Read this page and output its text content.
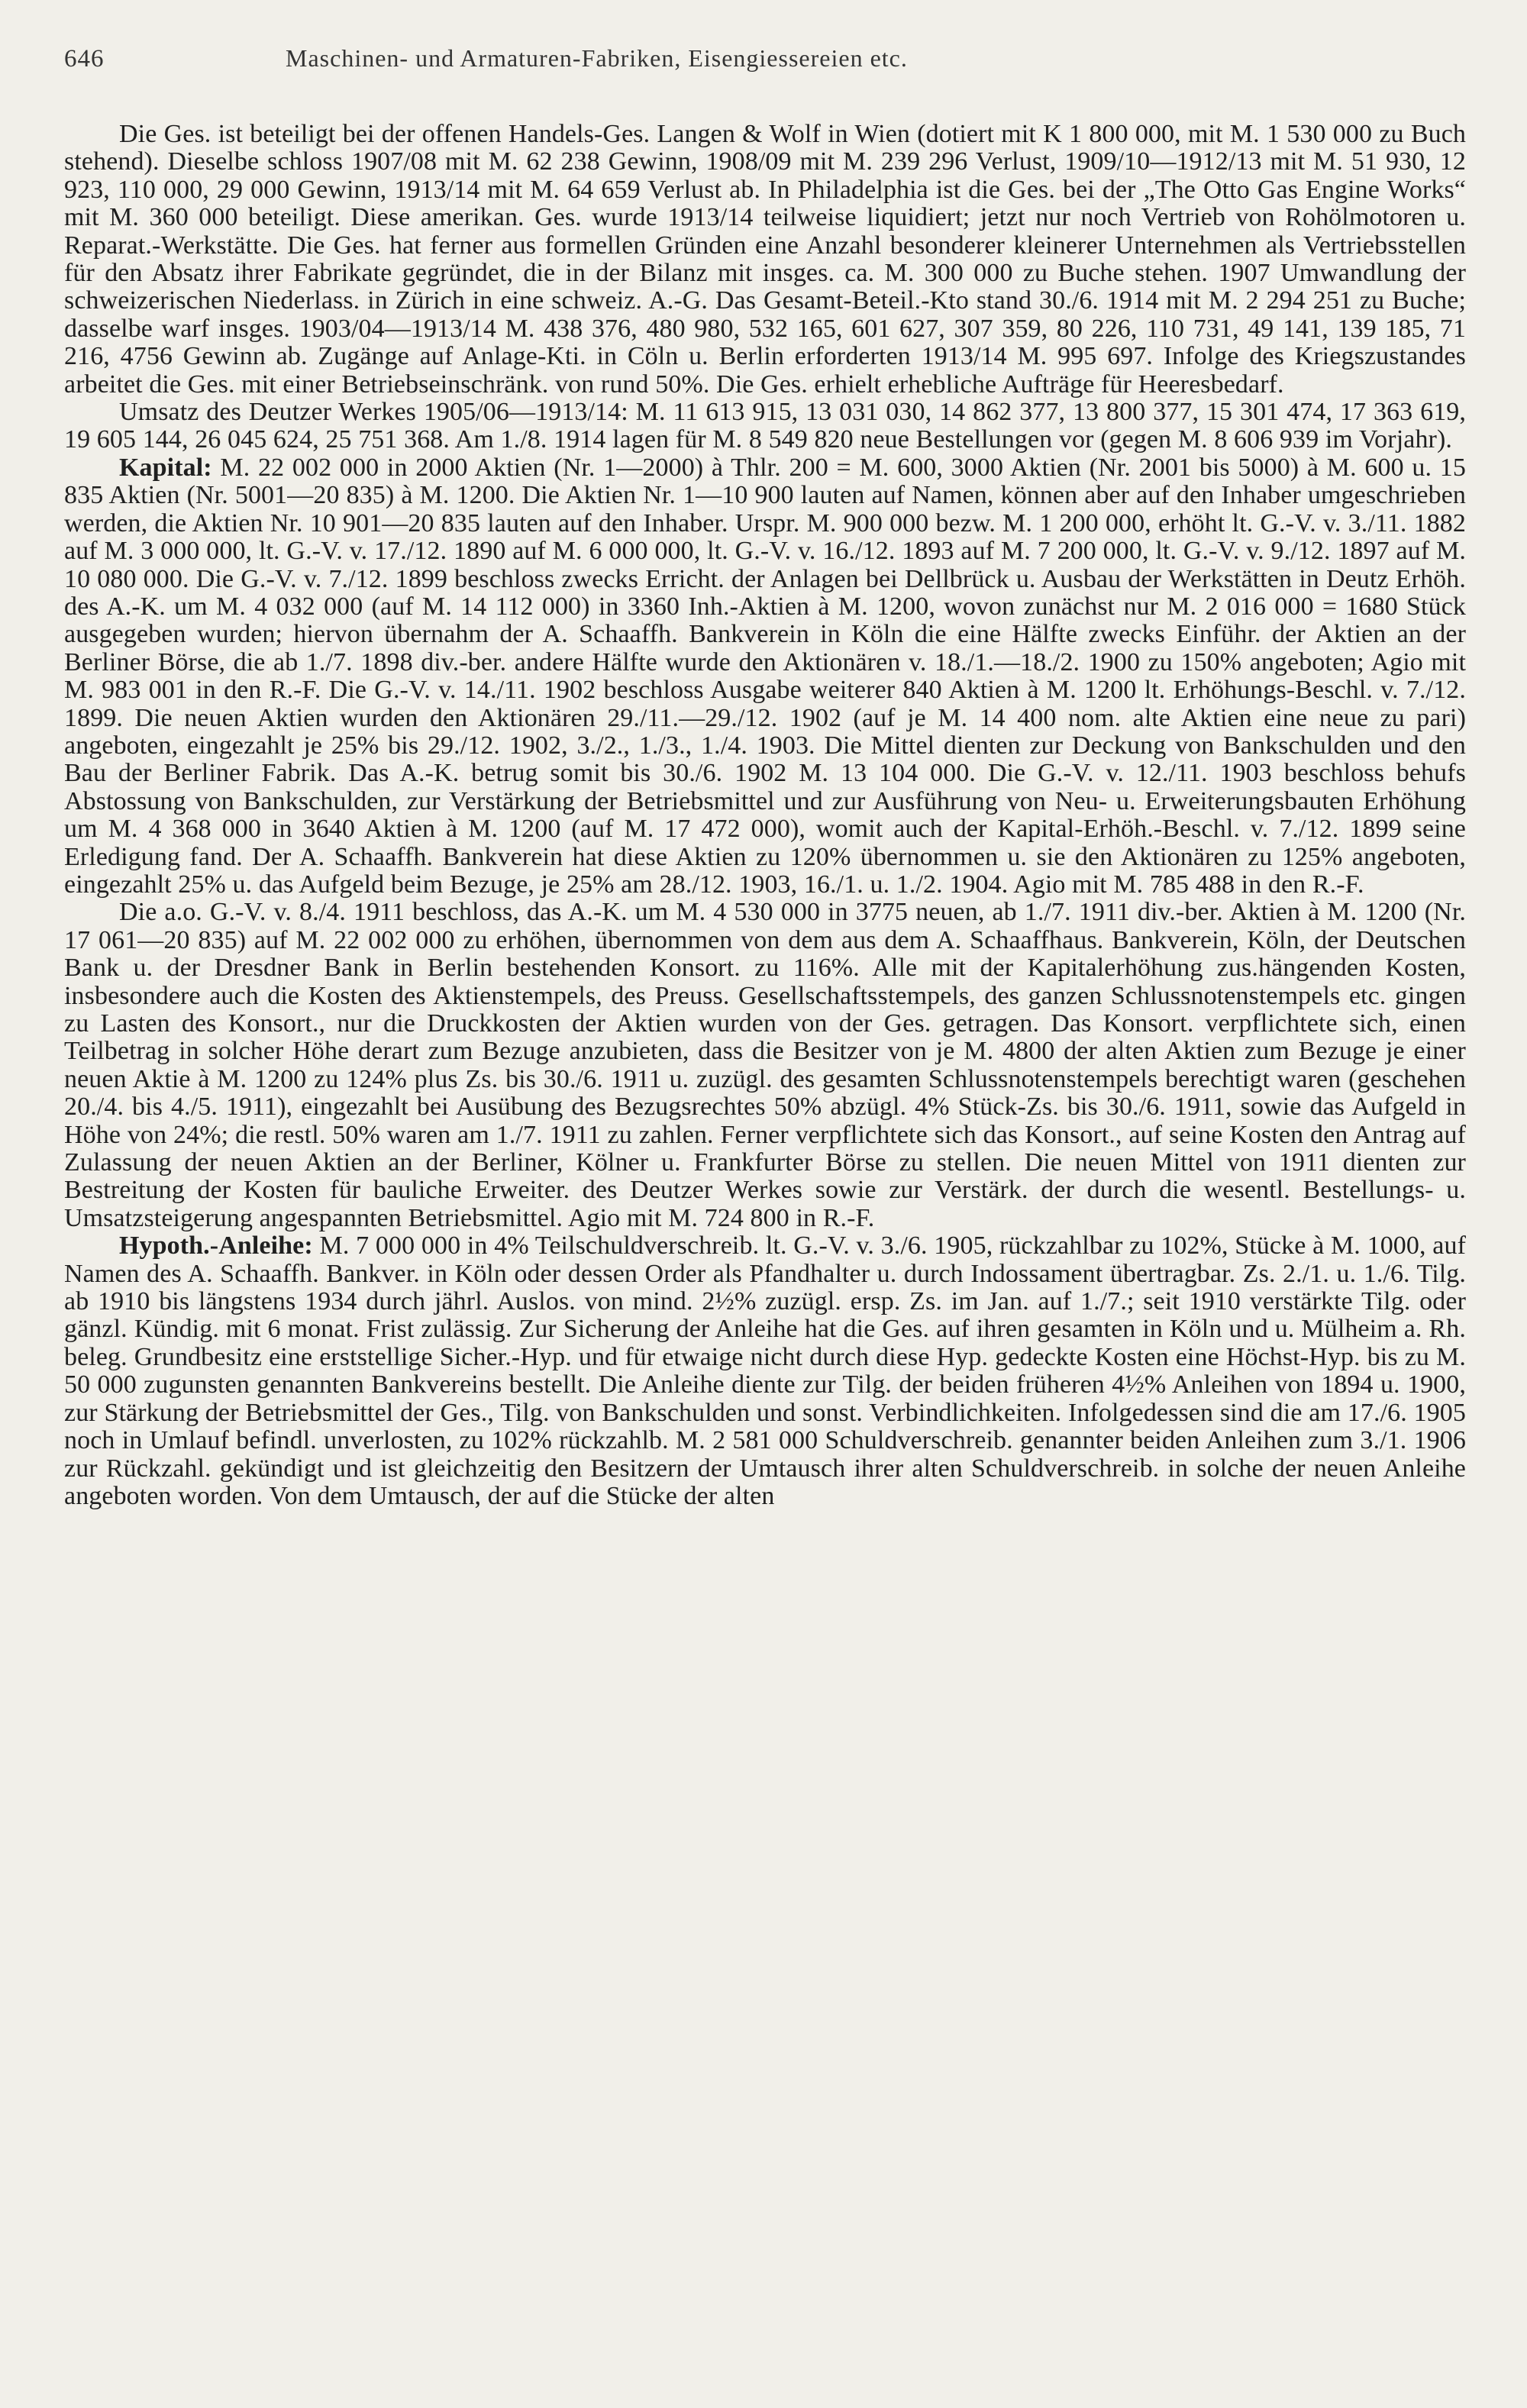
646	Maschinen- und Armaturen-Fabriken, Eisengiessereien etc.

Die Ges. ist beteiligt bei der offenen Handels-Ges. Langen & Wolf in Wien (dotiert mit K 1 800 000, mit M. 1 530 000 zu Buch stehend). Dieselbe schloss 1907/08 mit M. 62 238 Gewinn, 1908/09 mit M. 239 296 Verlust, 1909/10—1912/13 mit M. 51 930, 12 923, 110 000, 29 000 Gewinn, 1913/14 mit M. 64 659 Verlust ab. In Philadelphia ist die Ges. bei der „The Otto Gas Engine Works“ mit M. 360 000 beteiligt. Diese amerikan. Ges. wurde 1913/14 teilweise liquidiert; jetzt nur noch Vertrieb von Rohölmotoren u. Reparat.-Werkstätte. Die Ges. hat ferner aus formellen Gründen eine Anzahl besonderer kleinerer Unternehmen als Vertriebsstellen für den Absatz ihrer Fabrikate gegründet, die in der Bilanz mit insges. ca. M. 300 000 zu Buche stehen. 1907 Umwandlung der schweizerischen Niederlass. in Zürich in eine schweiz. A.-G. Das Gesamt-Beteil.-Kto stand 30./6. 1914 mit M. 2 294 251 zu Buche; dasselbe warf insges. 1903/04—1913/14 M. 438 376, 480 980, 532 165, 601 627, 307 359, 80 226, 110 731, 49 141, 139 185, 71 216, 4756 Gewinn ab. Zugänge auf Anlage-Kti. in Cöln u. Berlin erforderten 1913/14 M. 995 697. Infolge des Kriegszustandes arbeitet die Ges. mit einer Betriebseinschränk. von rund 50%. Die Ges. erhielt erhebliche Aufträge für Heeresbedarf.

Umsatz des Deutzer Werkes 1905/06—1913/14: M. 11 613 915, 13 031 030, 14 862 377, 13 800 377, 15 301 474, 17 363 619, 19 605 144, 26 045 624, 25 751 368. Am 1./8. 1914 lagen für M. 8 549 820 neue Bestellungen vor (gegen M. 8 606 939 im Vorjahr).

Kapital: M. 22 002 000 in 2000 Aktien (Nr. 1—2000) à Thlr. 200 = M. 600, 3000 Aktien (Nr. 2001 bis 5000) à M. 600 u. 15 835 Aktien (Nr. 5001—20 835) à M. 1200. Die Aktien Nr. 1—10 900 lauten auf Namen, können aber auf den Inhaber umgeschrieben werden, die Aktien Nr. 10 901—20 835 lauten auf den Inhaber. Urspr. M. 900 000 bezw. M. 1 200 000, erhöht lt. G.-V. v. 3./11. 1882 auf M. 3 000 000, lt. G.-V. v. 17./12. 1890 auf M. 6 000 000, lt. G.-V. v. 16./12. 1893 auf M. 7 200 000, lt. G.-V. v. 9./12. 1897 auf M. 10 080 000. Die G.-V. v. 7./12. 1899 beschloss zwecks Erricht. der Anlagen bei Dellbrück u. Ausbau der Werkstätten in Deutz Erhöh. des A.-K. um M. 4 032 000 (auf M. 14 112 000) in 3360 Inh.-Aktien à M. 1200, wovon zunächst nur M. 2 016 000 = 1680 Stück ausgegeben wurden; hiervon übernahm der A. Schaaffh. Bankverein in Köln die eine Hälfte zwecks Einführ. der Aktien an der Berliner Börse, die ab 1./7. 1898 div.-ber. andere Hälfte wurde den Aktionären v. 18./1.—18./2. 1900 zu 150% angeboten; Agio mit M. 983 001 in den R.-F. Die G.-V. v. 14./11. 1902 beschloss Ausgabe weiterer 840 Aktien à M. 1200 lt. Erhöhungs-Beschl. v. 7./12. 1899. Die neuen Aktien wurden den Aktionären 29./11.—29./12. 1902 (auf je M. 14 400 nom. alte Aktien eine neue zu pari) angeboten, eingezahlt je 25% bis 29./12. 1902, 3./2., 1./3., 1./4. 1903. Die Mittel dienten zur Deckung von Bankschulden und den Bau der Berliner Fabrik. Das A.-K. betrug somit bis 30./6. 1902 M. 13 104 000. Die G.-V. v. 12./11. 1903 beschloss behufs Abstossung von Bankschulden, zur Verstärkung der Betriebsmittel und zur Ausführung von Neu- u. Erweiterungsbauten Erhöhung um M. 4 368 000 in 3640 Aktien à M. 1200 (auf M. 17 472 000), womit auch der Kapital-Erhöh.-Beschl. v. 7./12. 1899 seine Erledigung fand. Der A. Schaaffh. Bankverein hat diese Aktien zu 120% übernommen u. sie den Aktionären zu 125% angeboten, eingezahlt 25% u. das Aufgeld beim Bezuge, je 25% am 28./12. 1903, 16./1. u. 1./2. 1904. Agio mit M. 785 488 in den R.-F.

Die a.o. G.-V. v. 8./4. 1911 beschloss, das A.-K. um M. 4 530 000 in 3775 neuen, ab 1./7. 1911 div.-ber. Aktien à M. 1200 (Nr. 17 061—20 835) auf M. 22 002 000 zu erhöhen, übernommen von dem aus dem A. Schaaffhaus. Bankverein, Köln, der Deutschen Bank u. der Dresdner Bank in Berlin bestehenden Konsort. zu 116%. Alle mit der Kapitalerhöhung zus.hängenden Kosten, insbesondere auch die Kosten des Aktienstempels, des Preuss. Gesellschaftsstempels, des ganzen Schlussnotenstempels etc. gingen zu Lasten des Konsort., nur die Druckkosten der Aktien wurden von der Ges. getragen. Das Konsort. verpflichtete sich, einen Teilbetrag in solcher Höhe derart zum Bezuge anzubieten, dass die Besitzer von je M. 4800 der alten Aktien zum Bezuge je einer neuen Aktie à M. 1200 zu 124% plus Zs. bis 30./6. 1911 u. zuzügl. des gesamten Schlussnotenstempels berechtigt waren (geschehen 20./4. bis 4./5. 1911), eingezahlt bei Ausübung des Bezugsrechtes 50% abzügl. 4% Stück-Zs. bis 30./6. 1911, sowie das Aufgeld in Höhe von 24%; die restl. 50% waren am 1./7. 1911 zu zahlen. Ferner verpflichtete sich das Konsort., auf seine Kosten den Antrag auf Zulassung der neuen Aktien an der Berliner, Kölner u. Frankfurter Börse zu stellen. Die neuen Mittel von 1911 dienten zur Bestreitung der Kosten für bauliche Erweiter. des Deutzer Werkes sowie zur Verstärk. der durch die wesentl. Bestellungs- u. Umsatzsteigerung angespannten Betriebsmittel. Agio mit M. 724 800 in R.-F.

Hypoth.-Anleihe: M. 7 000 000 in 4% Teilschuldverschreib. lt. G.-V. v. 3./6. 1905, rückzahlbar zu 102%, Stücke à M. 1000, auf Namen des A. Schaaffh. Bankver. in Köln oder dessen Order als Pfandhalter u. durch Indossament übertragbar. Zs. 2./1. u. 1./6. Tilg. ab 1910 bis längstens 1934 durch jährl. Auslos. von mind. 2½% zuzügl. ersp. Zs. im Jan. auf 1./7.; seit 1910 verstärkte Tilg. oder gänzl. Kündig. mit 6 monat. Frist zulässig. Zur Sicherung der Anleihe hat die Ges. auf ihren gesamten in Köln und u. Mülheim a. Rh. beleg. Grundbesitz eine erststellige Sicher.-Hyp. und für etwaige nicht durch diese Hyp. gedeckte Kosten eine Höchst-Hyp. bis zu M. 50 000 zugunsten genannten Bankvereins bestellt. Die Anleihe diente zur Tilg. der beiden früheren 4½% Anleihen von 1894 u. 1900, zur Stärkung der Betriebsmittel der Ges., Tilg. von Bankschulden und sonst. Verbindlichkeiten. Infolgedessen sind die am 17./6. 1905 noch in Umlauf befindl. unverlosten, zu 102% rückzahlb. M. 2 581 000 Schuldverschreib. genannter beiden Anleihen zum 3./1. 1906 zur Rückzahl. gekündigt und ist gleichzeitig den Besitzern der Umtausch ihrer alten Schuldverschreib. in solche der neuen Anleihe angeboten worden. Von dem Umtausch, der auf die Stücke der alten
